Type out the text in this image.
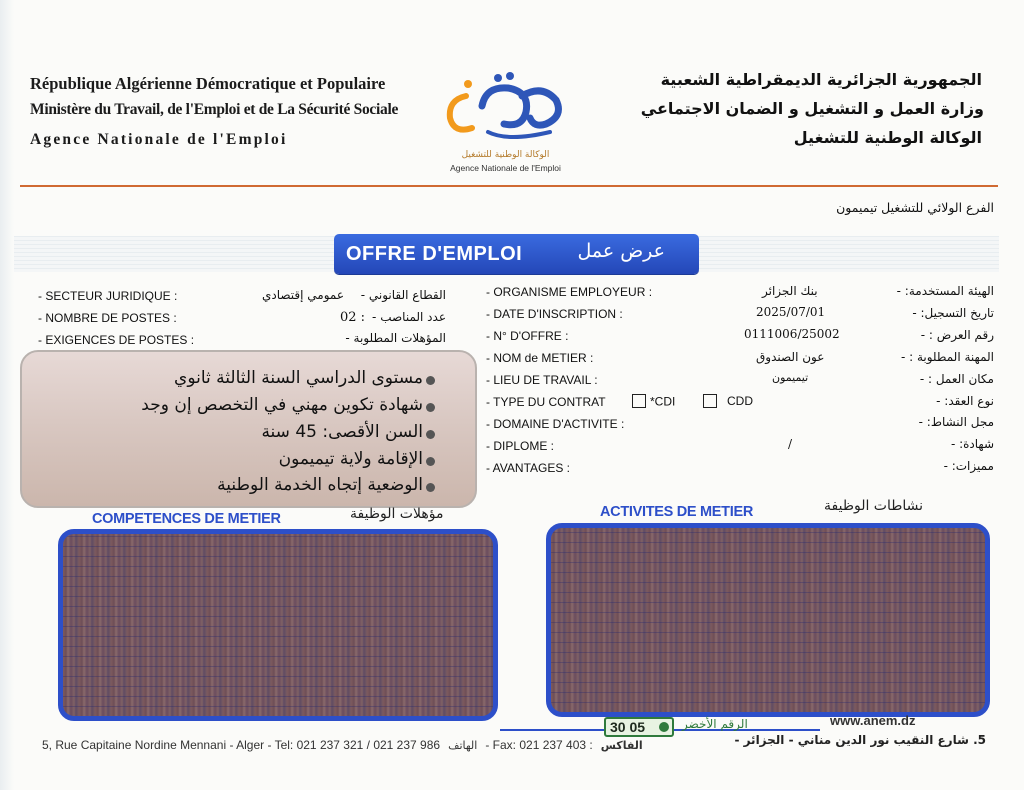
République Algérienne Démocratique et Populaire
Ministère du Travail, de l'Emploi et de La Sécurité Sociale
Agence Nationale de l'Emploi
الوكالة الوطنية للتشغيل
Agence Nationale de l'Emploi
الجمهورية الجزائرية الديمقراطية الشعبية
وزارة العمل و التشغيل و الضمان الاجتماعي
الوكالة الوطنية للتشغيل
الفرع الولائي للتشغيل تيميمون
OFFRE D'EMPLOI	عرض عمل
- SECTEUR JURIDIQUE :	عمومي إقتصادي القطاع القانوني -
- NOMBRE DE POSTES :	02 : عدد المناصب -
- EXIGENCES DE POSTES :	المؤهلات المطلوبة -
مستوى الدراسي السنة الثالثة ثانوي
شهادة تكوين مهني في التخصص إن وجد
السن الأقصى: 45 سنة
الإقامة ولاية تيميمون
الوضعية إتجاه الخدمة الوطنية
- ORGANISME EMPLOYEUR :	بنك الجزائر	الهيئة المستخدمة: -
- DATE D'INSCRIPTION :	2025/07/01	تاريخ التسجيل: -
- N° D'OFFRE :	0111006/25002	رقم العرض : -
- NOM de METIER :	عون الصندوق	المهنة المطلوبة : -
- LIEU DE TRAVAIL :	تيميمون	مكان العمل : -
- TYPE DU CONTRAT	*CDI	CDD	نوع العقد: -
- DOMAINE D'ACTIVITE :	مجل النشاط: -
- DIPLOME :	/	شهادة: -
- AVANTAGES :	مميزات: -
COMPETENCES DE METIER	مؤهلات الوظيفة	ACTIVITES DE METIER	نشاطات الوظيفة
30 05	الرقم الأخضر	www.anem.dz
5, Rue Capitaine Nordine Mennani - Alger - Tel: 021 237 321 / 021 237 986 الهاتف - Fax: 021 237 403 : الفاكس	5. شارع النقيب نور الدين مناني - الجزائر -
